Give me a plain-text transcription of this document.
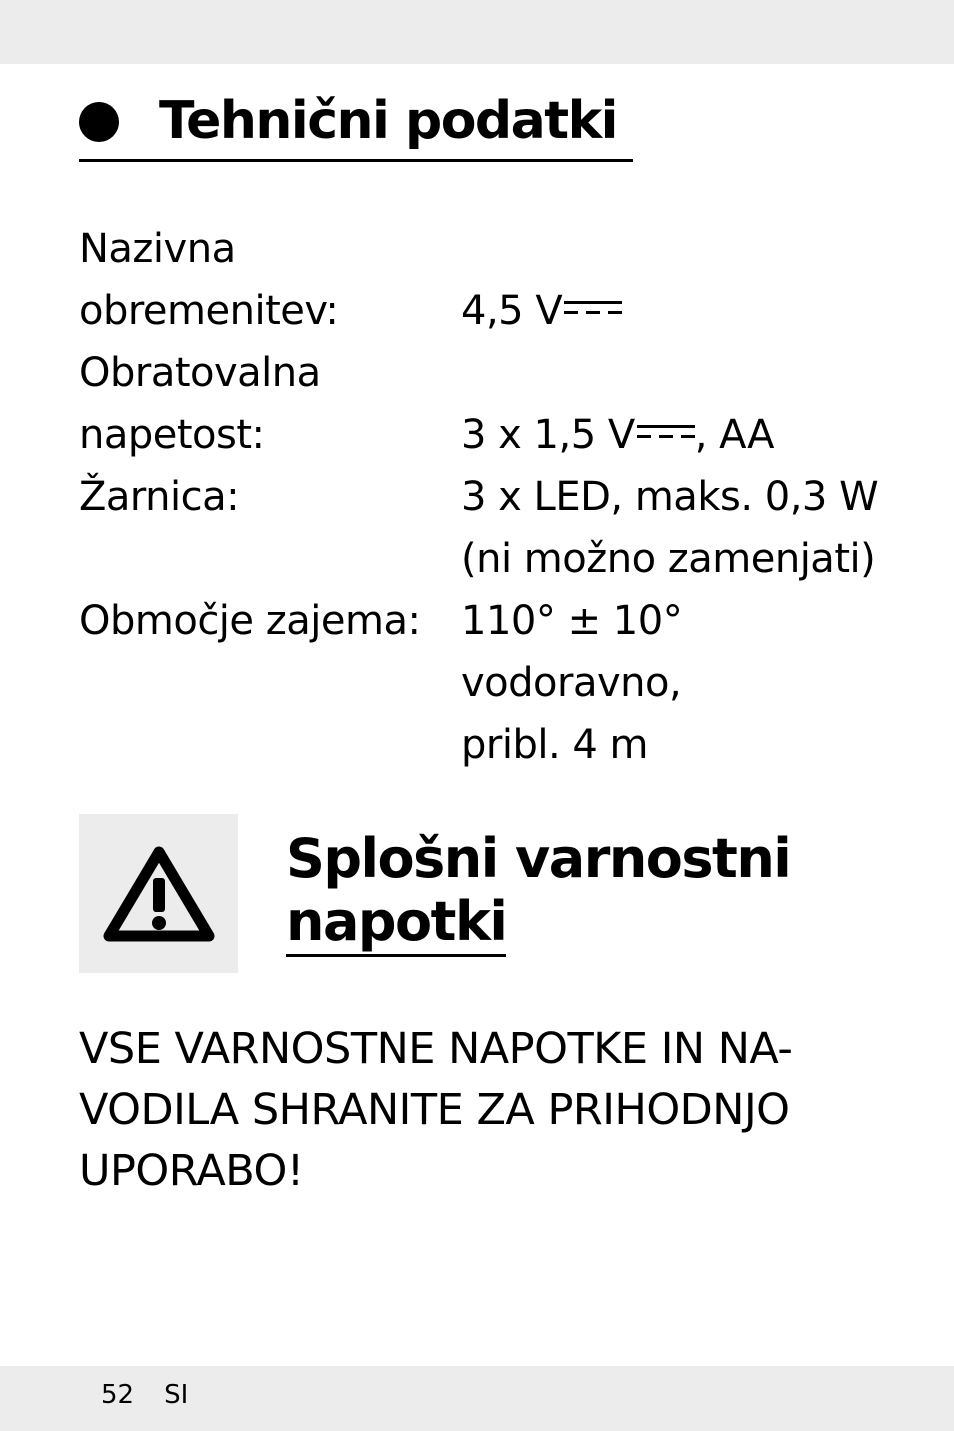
Tehnični podatki
Nazivna
obremenitev:	4,5 V
Obratovalna
napetost:	3 x 1,5 V , AA
Žarnica:	3 x LED, maks. 0,3 W
(ni možno zamenjati)
Območje zajema: 110° ± 10°
vodoravno,
pribl. 4 m
Splošni varnostni
napotki
VSE VARNOSTNE NAPOTKE IN NA-
VODILA SHRANITE ZA PRIHODNJO
UPORABO!
52 SI
